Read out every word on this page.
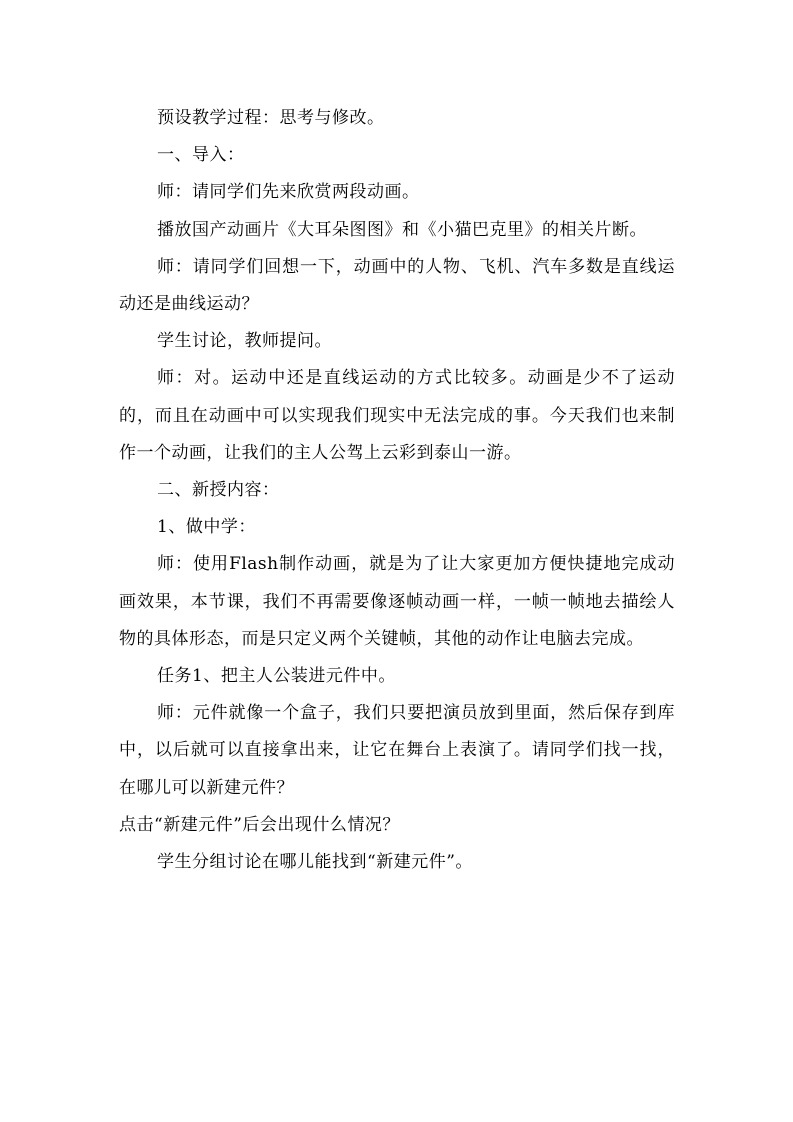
预设教学过程：思考与修改。

一、导入：

师：请同学们先来欣赏两段动画。

播放国产动画片《大耳朵图图》和《小猫巴克里》的相关片断。

师：请同学们回想一下，动画中的人物、飞机、汽车多数是直线运动还是曲线运动？

学生讨论，教师提问。

师：对。运动中还是直线运动的方式比较多。动画是少不了运动的，而且在动画中可以实现我们现实中无法完成的事。今天我们也来制作一个动画，让我们的主人公驾上云彩到泰山一游。

二、新授内容：

1、做中学：

师：使用Flash制作动画，就是为了让大家更加方便快捷地完成动画效果，本节课，我们不再需要像逐帧动画一样，一帧一帧地去描绘人物的具体形态，而是只定义两个关键帧，其他的动作让电脑去完成。

任务1、把主人公装进元件中。

师：元件就像一个盒子，我们只要把演员放到里面，然后保存到库中，以后就可以直接拿出来，让它在舞台上表演了。请同学们找一找，在哪儿可以新建元件？

点击“新建元件”后会出现什么情况？

学生分组讨论在哪儿能找到“新建元件”。
